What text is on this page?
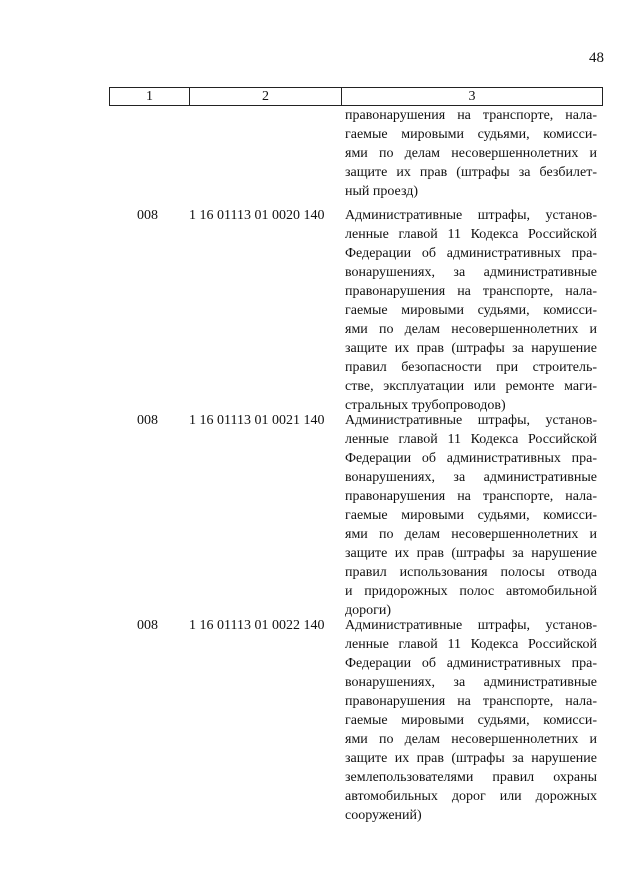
48
1	2	3
правонарушения на транспорте, нала-
гаемые мировыми судьями, комисси-
ями по делам несовершеннолетних и
защите их прав (штрафы за безбилет-
ный проезд)
008	1 16 01113 01 0020 140	Административные штрафы, установ-
ленные главой 11 Кодекса Российской
Федерации об административных пра-
вонарушениях, за административные
правонарушения на транспорте, нала-
гаемые мировыми судьями, комисси-
ями по делам несовершеннолетних и
защите их прав (штрафы за нарушение
правил безопасности при строитель-
стве, эксплуатации или ремонте маги-
стральных трубопроводов)
008	1 16 01113 01 0021 140	Административные штрафы, установ-
ленные главой 11 Кодекса Российской
Федерации об административных пра-
вонарушениях, за административные
правонарушения на транспорте, нала-
гаемые мировыми судьями, комисси-
ями по делам несовершеннолетних и
защите их прав (штрафы за нарушение
правил использования полосы отвода
и придорожных полос автомобильной
дороги)
008	1 16 01113 01 0022 140	Административные штрафы, установ-
ленные главой 11 Кодекса Российской
Федерации об административных пра-
вонарушениях, за административные
правонарушения на транспорте, нала-
гаемые мировыми судьями, комисси-
ями по делам несовершеннолетних и
защите их прав (штрафы за нарушение
землепользователями правил охраны
автомобильных дорог или дорожных
сооружений)
